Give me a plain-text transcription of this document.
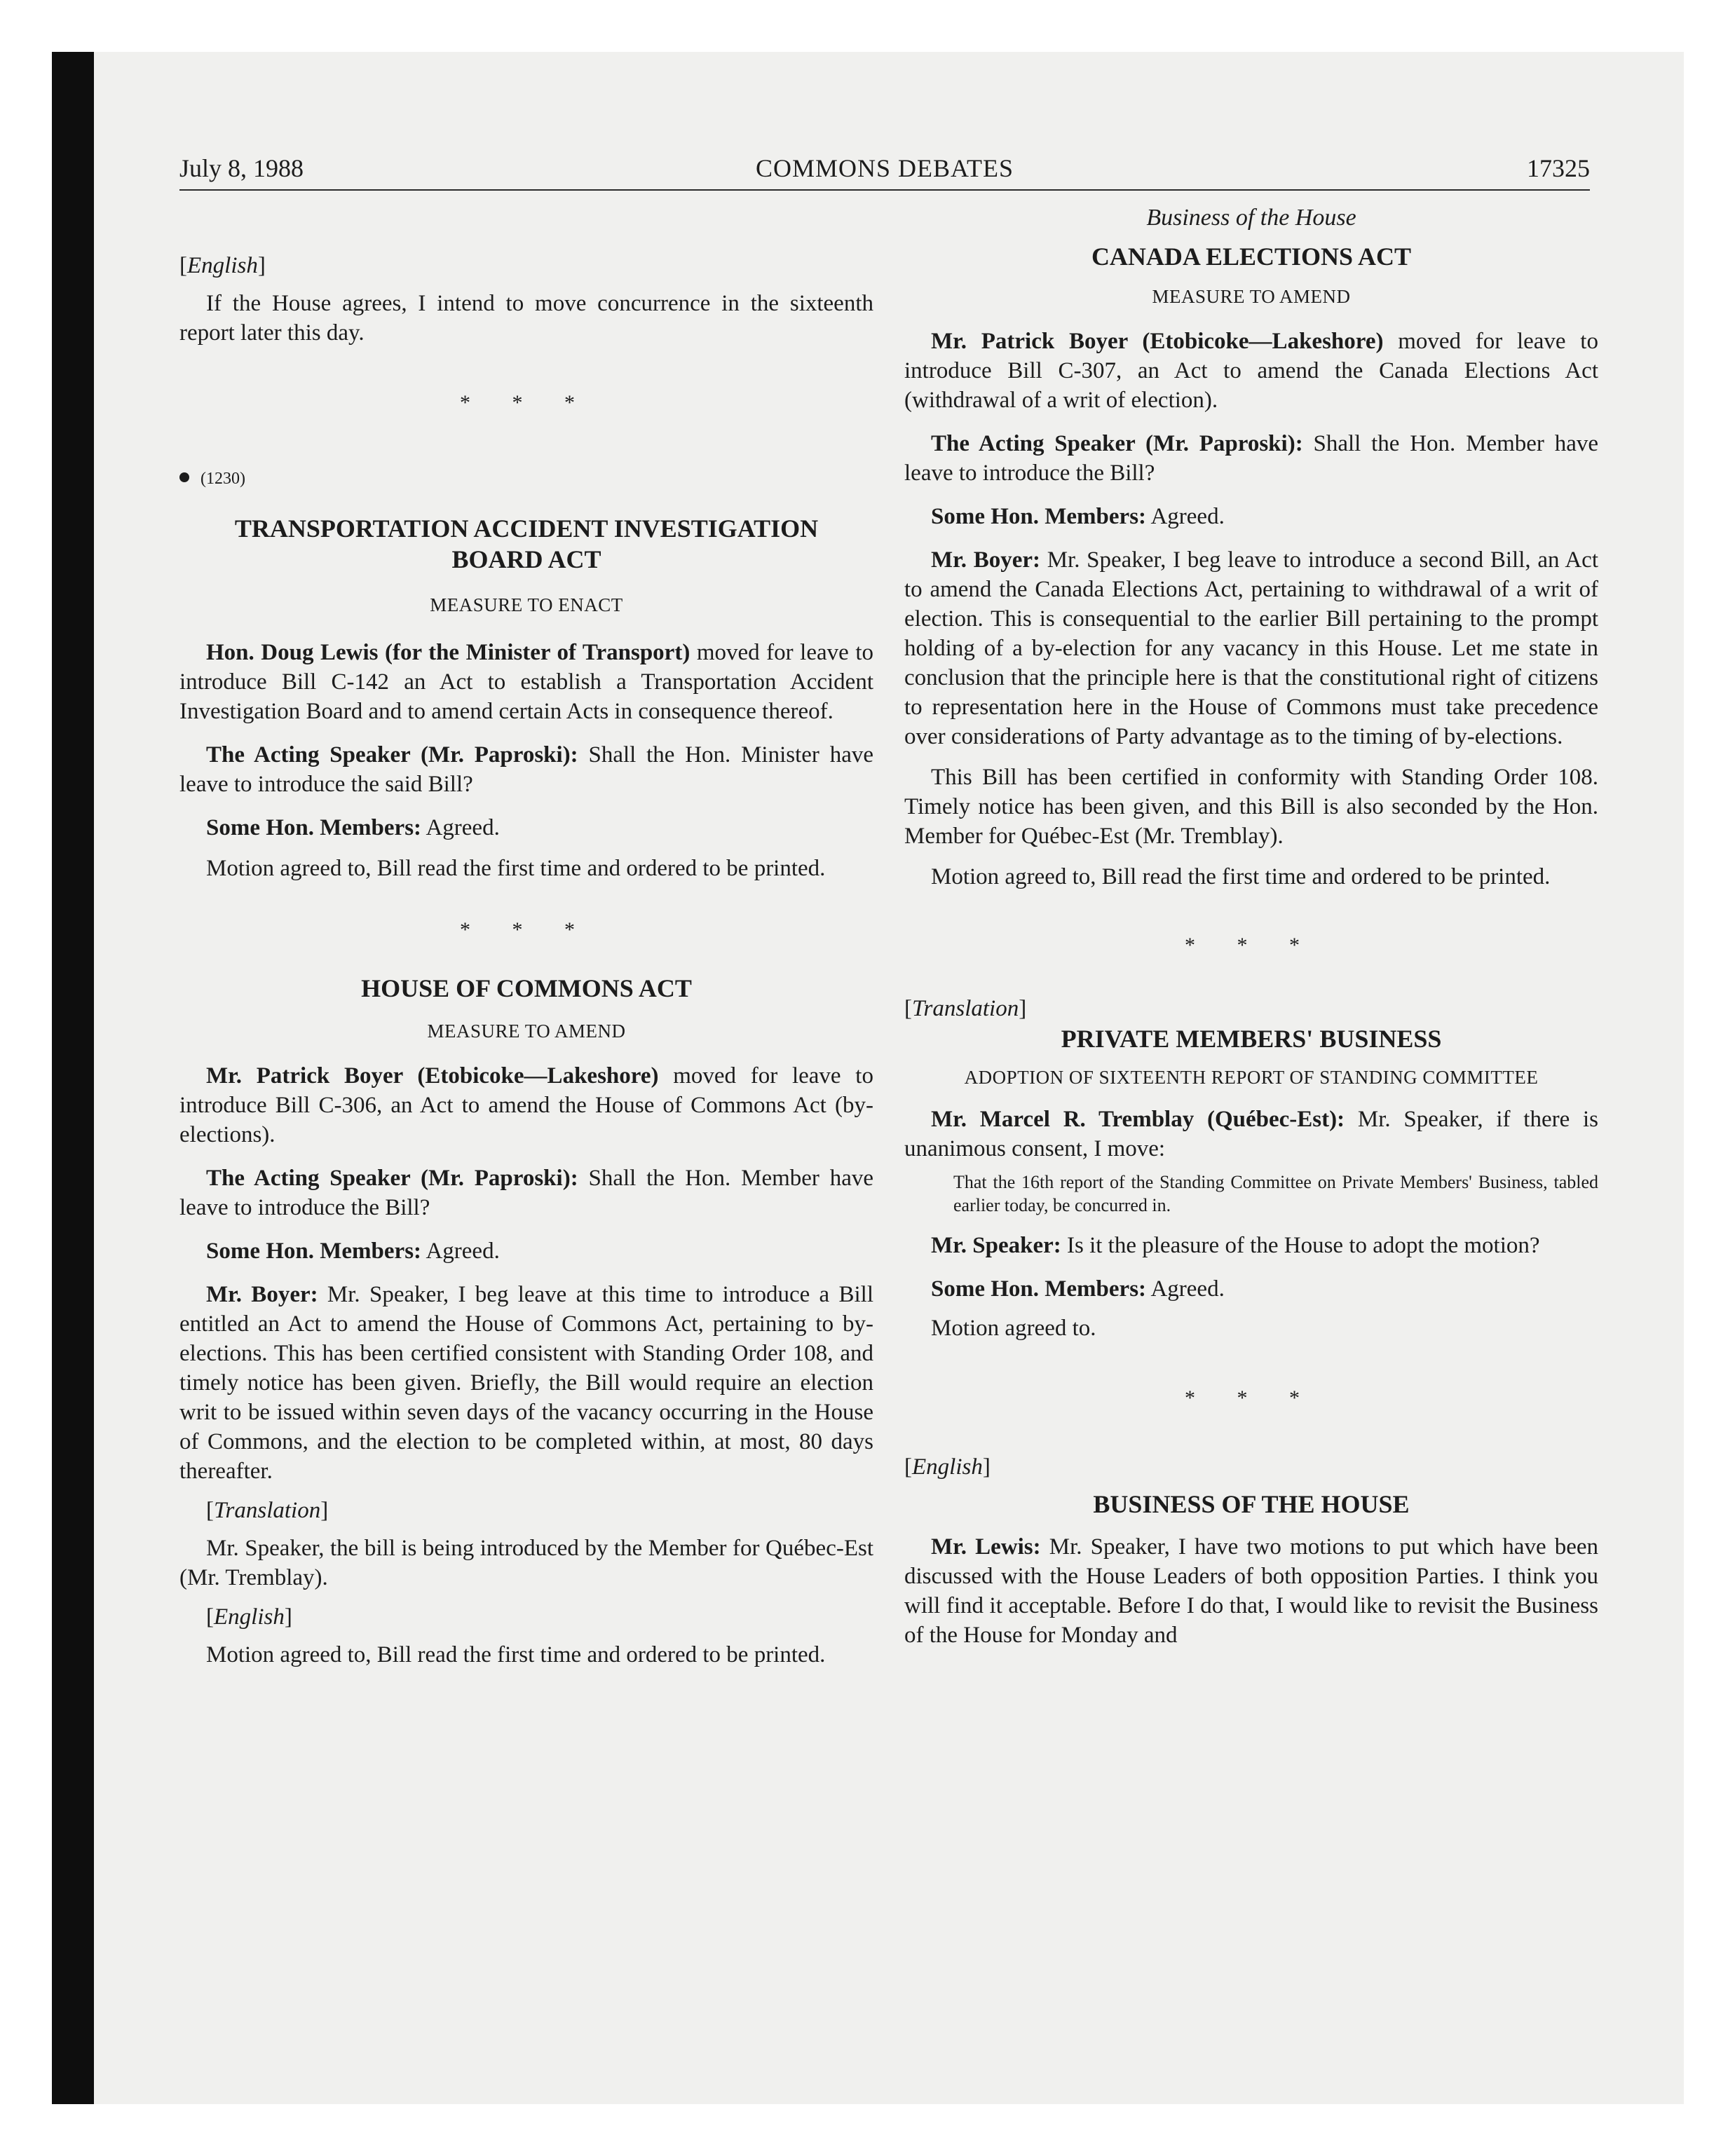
July 8, 1988	COMMONS DEBATES	17325

[English]

If the House agrees, I intend to move concurrence in the sixteenth report later this day.

* * *

(1230)

TRANSPORTATION ACCIDENT INVESTIGATION BOARD ACT

MEASURE TO ENACT

Hon. Doug Lewis (for the Minister of Transport) moved for leave to introduce Bill C-142 an Act to establish a Transportation Accident Investigation Board and to amend certain Acts in consequence thereof.

The Acting Speaker (Mr. Paproski): Shall the Hon. Minister have leave to introduce the said Bill?

Some Hon. Members: Agreed.

Motion agreed to, Bill read the first time and ordered to be printed.

* * *

HOUSE OF COMMONS ACT

MEASURE TO AMEND

Mr. Patrick Boyer (Etobicoke—Lakeshore) moved for leave to introduce Bill C-306, an Act to amend the House of Commons Act (by-elections).

The Acting Speaker (Mr. Paproski): Shall the Hon. Member have leave to introduce the Bill?

Some Hon. Members: Agreed.

Mr. Boyer: Mr. Speaker, I beg leave at this time to introduce a Bill entitled an Act to amend the House of Commons Act, pertaining to by-elections. This has been certified consistent with Standing Order 108, and timely notice has been given. Briefly, the Bill would require an election writ to be issued within seven days of the vacancy occurring in the House of Commons, and the election to be completed within, at most, 80 days thereafter.

[Translation]

Mr. Speaker, the bill is being introduced by the Member for Québec-Est (Mr. Tremblay).

[English]

Motion agreed to, Bill read the first time and ordered to be printed.

Business of the House

CANADA ELECTIONS ACT

MEASURE TO AMEND

Mr. Patrick Boyer (Etobicoke—Lakeshore) moved for leave to introduce Bill C-307, an Act to amend the Canada Elections Act (withdrawal of a writ of election).

The Acting Speaker (Mr. Paproski): Shall the Hon. Member have leave to introduce the Bill?

Some Hon. Members: Agreed.

Mr. Boyer: Mr. Speaker, I beg leave to introduce a second Bill, an Act to amend the Canada Elections Act, pertaining to withdrawal of a writ of election. This is consequential to the earlier Bill pertaining to the prompt holding of a by-election for any vacancy in this House. Let me state in conclusion that the principle here is that the constitutional right of citizens to representation here in the House of Commons must take precedence over considerations of Party advantage as to the timing of by-elections.

This Bill has been certified in conformity with Standing Order 108. Timely notice has been given, and this Bill is also seconded by the Hon. Member for Québec-Est (Mr. Tremblay).

Motion agreed to, Bill read the first time and ordered to be printed.

* * *

[Translation]

PRIVATE MEMBERS' BUSINESS

ADOPTION OF SIXTEENTH REPORT OF STANDING COMMITTEE

Mr. Marcel R. Tremblay (Québec-Est): Mr. Speaker, if there is unanimous consent, I move:

That the 16th report of the Standing Committee on Private Members' Business, tabled earlier today, be concurred in.

Mr. Speaker: Is it the pleasure of the House to adopt the motion?

Some Hon. Members: Agreed.

Motion agreed to.

* * *

[English]

BUSINESS OF THE HOUSE

Mr. Lewis: Mr. Speaker, I have two motions to put which have been discussed with the House Leaders of both opposition Parties. I think you will find it acceptable. Before I do that, I would like to revisit the Business of the House for Monday and
